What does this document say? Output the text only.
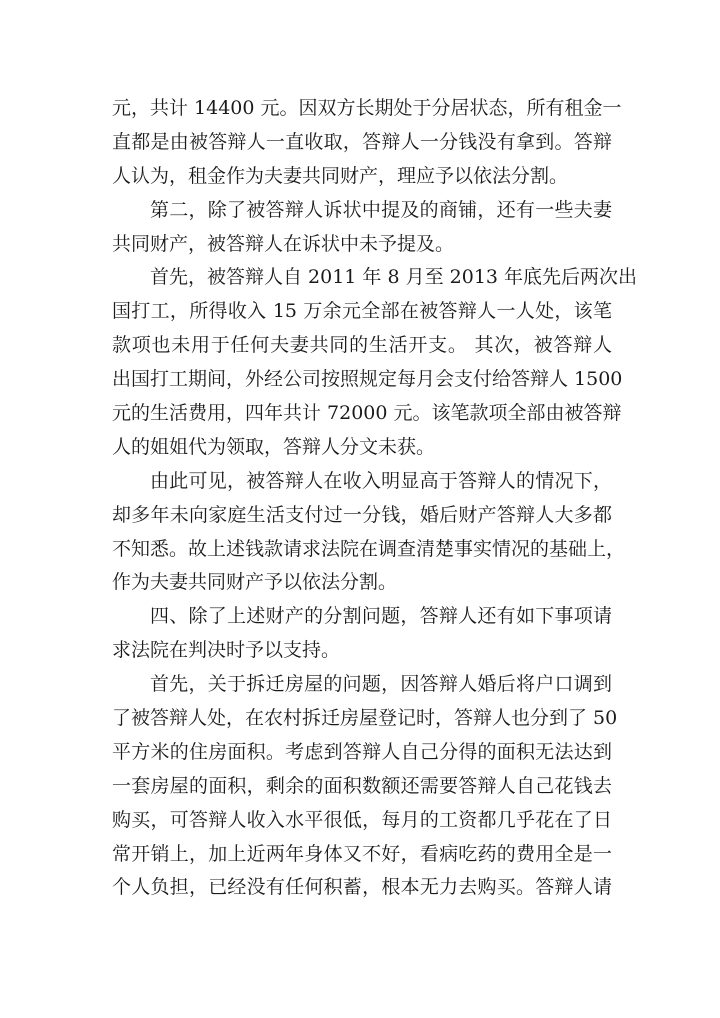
元，共计 14400 元。因双方长期处于分居状态，所有租金一
直都是由被答辩人一直收取，答辩人一分钱没有拿到。答辩
人认为，租金作为夫妻共同财产，理应予以依法分割。
第二，除了被答辩人诉状中提及的商铺，还有一些夫妻
共同财产，被答辩人在诉状中未予提及。
首先，被答辩人自 2011 年 8 月至 2013 年底先后两次出
国打工，所得收入 15 万余元全部在被答辩人一人处，该笔
款项也未用于任何夫妻共同的生活开支。 其次，被答辩人
出国打工期间，外经公司按照规定每月会支付给答辩人 1500
元的生活费用，四年共计 72000 元。该笔款项全部由被答辩
人的姐姐代为领取，答辩人分文未获。
由此可见，被答辩人在收入明显高于答辩人的情况下，
却多年未向家庭生活支付过一分钱，婚后财产答辩人大多都
不知悉。故上述钱款请求法院在调查清楚事实情况的基础上，
作为夫妻共同财产予以依法分割。
四、除了上述财产的分割问题，答辩人还有如下事项请
求法院在判决时予以支持。
首先，关于拆迁房屋的问题，因答辩人婚后将户口调到
了被答辩人处，在农村拆迁房屋登记时，答辩人也分到了 50
平方米的住房面积。考虑到答辩人自己分得的面积无法达到
一套房屋的面积，剩余的面积数额还需要答辩人自己花钱去
购买，可答辩人收入水平很低，每月的工资都几乎花在了日
常开销上，加上近两年身体又不好，看病吃药的费用全是一
个人负担，已经没有任何积蓄，根本无力去购买。答辩人请
